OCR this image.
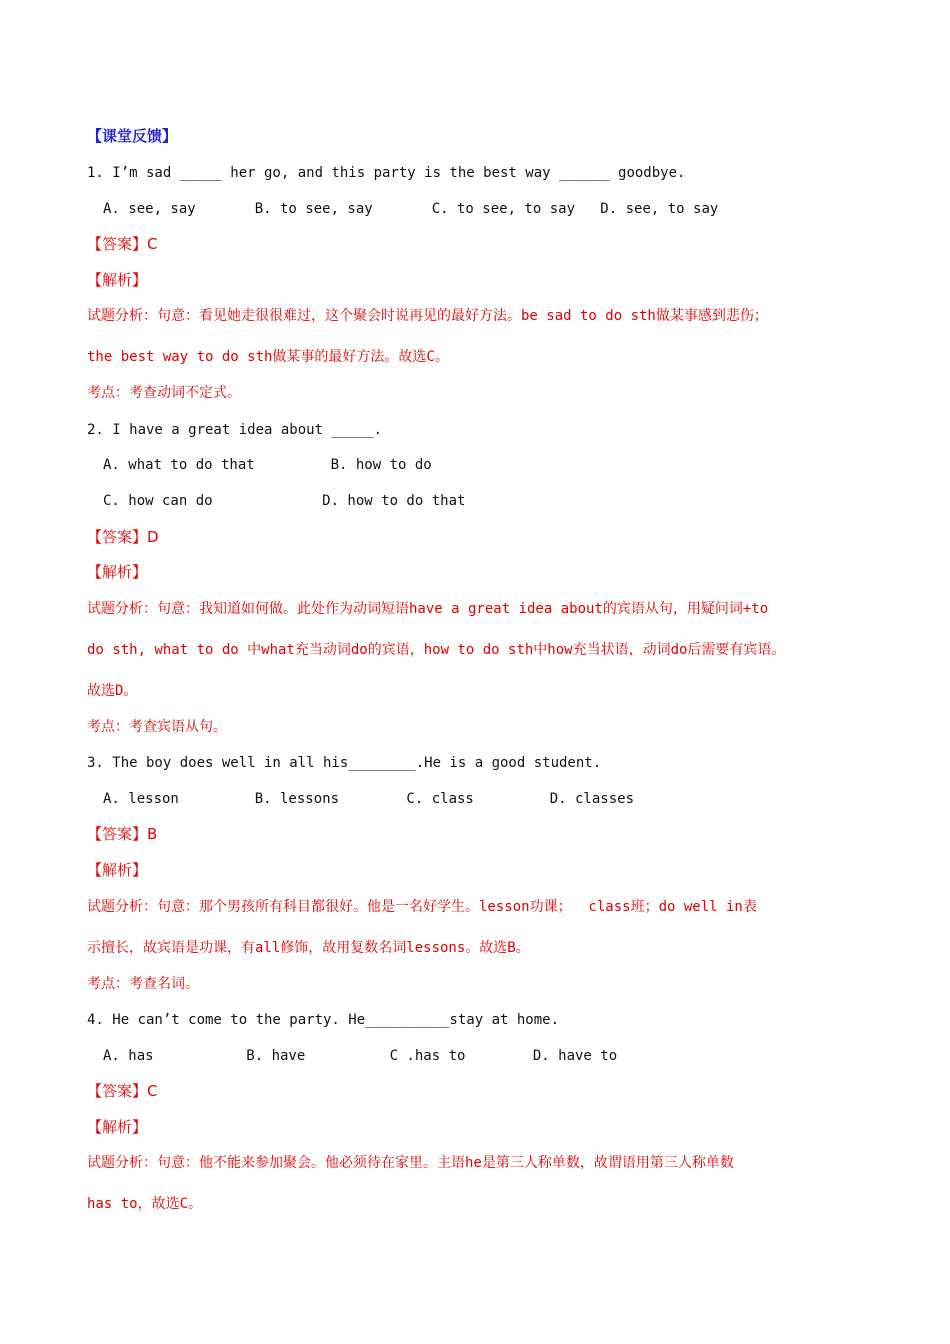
【课堂反馈】
1. I’m sad _____ her go, and this party is the best way ______ goodbye.
A. see, say       B. to see, say       C. to see, to say   D. see, to say
【答案】C
【解析】
试题分析：句意：看见她走很很难过，这个聚会时说再见的最好方法。be sad to do sth做某事感到悲伤；
the best way to do sth做某事的最好方法。故选C。
考点：考查动词不定式。
2. I have a great idea about _____.
A. what to do that         B. how to do
C. how can do             D. how to do that
【答案】D
【解析】
试题分析：句意：我知道如何做。此处作为动词短语have a great idea about的宾语从句，用疑问词+to
do sth, what to do 中what充当动词do的宾语，how to do sth中how充当状语，动词do后需要有宾语。
故选D。
考点：考查宾语从句。
3. The boy does well in all his________.He is a good student.
A. lesson         B. lessons        C. class         D. classes
【答案】B
【解析】
试题分析：句意：那个男孩所有科目都很好。他是一名好学生。lesson功课；  class班；do well in表
示擅长，故宾语是功课，有all修饰，故用复数名词lessons。故选B。
考点：考查名词。
4. He can’t come to the party. He__________stay at home.
A. has           B. have          C .has to        D. have to
【答案】C
【解析】
试题分析：句意：他不能来参加聚会。他必须待在家里。主语he是第三人称单数，故谓语用第三人称单数
has to，故选C。
